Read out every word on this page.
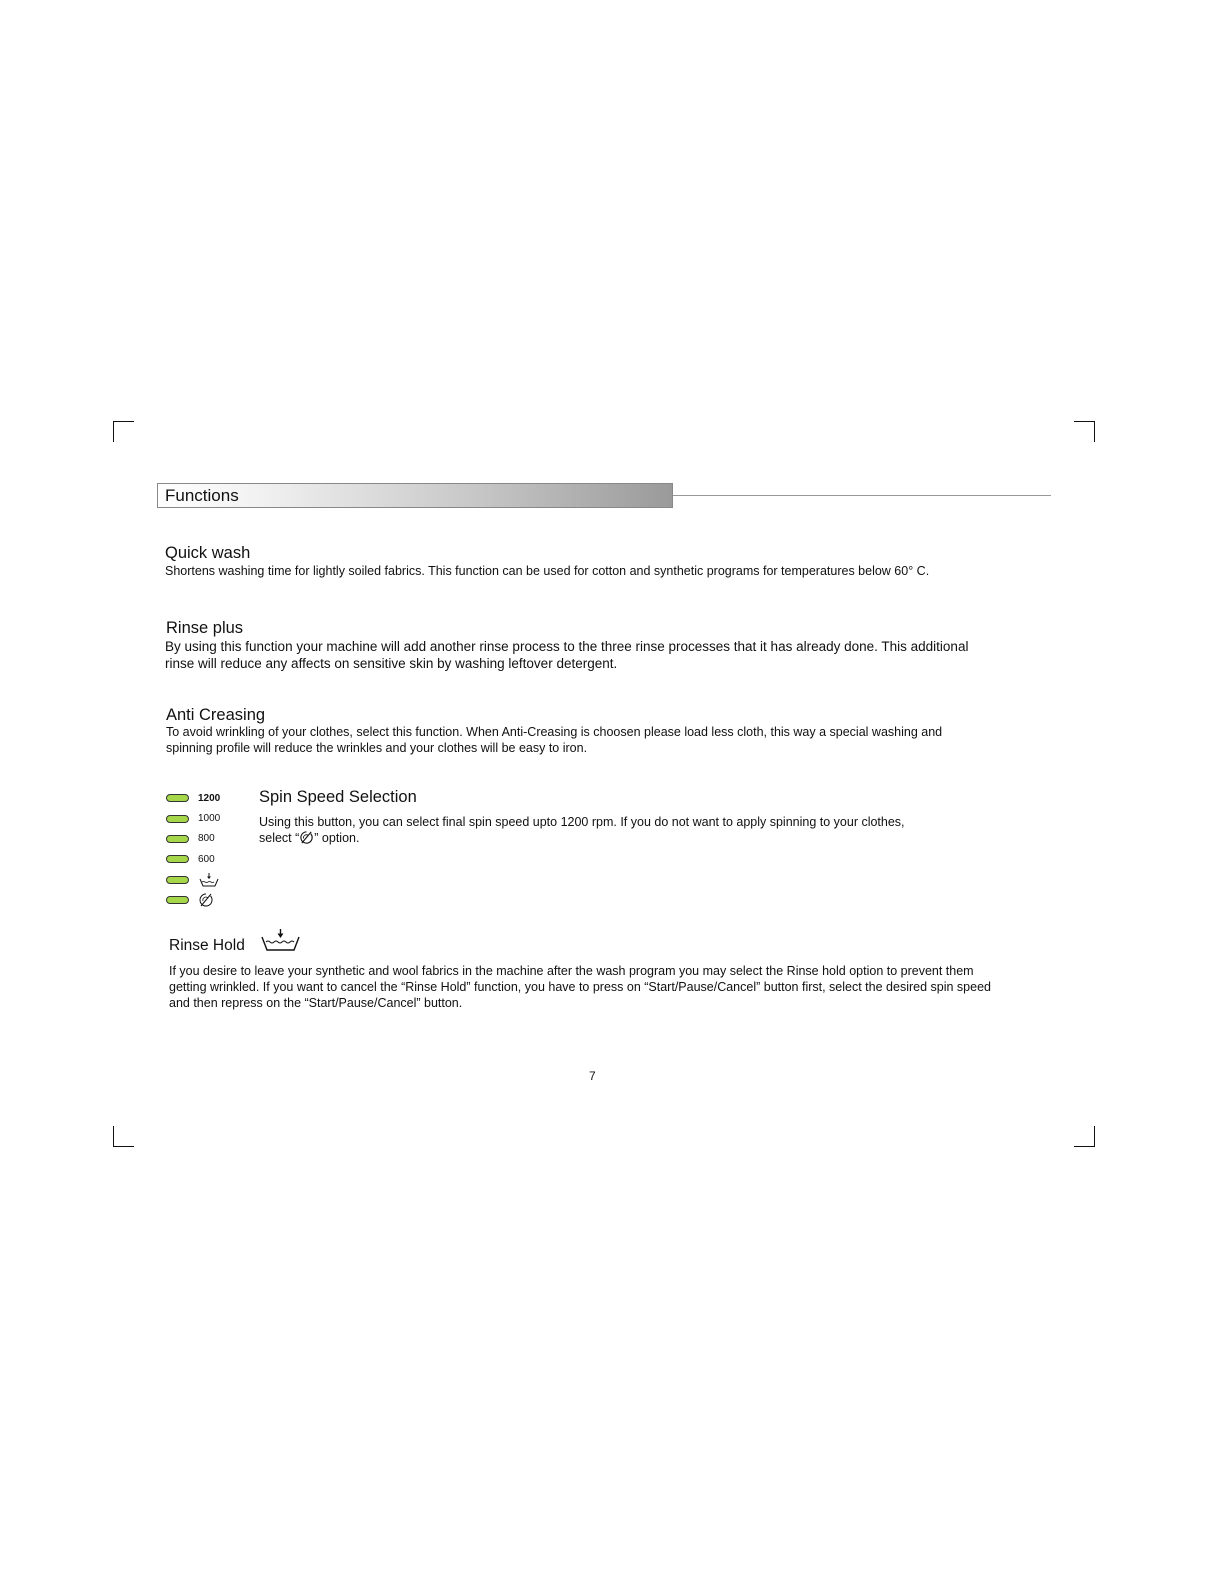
Functions
Quick wash
Shortens washing time for lightly soiled fabrics. This function can be used for cotton and synthetic programs for temperatures below 60° C.
Rinse plus
By using this function your machine will add another rinse process to the three rinse processes that it has already done. This additional rinse will reduce any affects on sensitive skin by washing leftover detergent.
Anti Creasing
To avoid wrinkling of your clothes, select this function. When Anti-Creasing is choosen please load less cloth, this way a special washing and spinning profile will reduce the wrinkles and your clothes will be easy to iron.
1200
1000
800
600
Spin Speed Selection
Using this button, you can select final spin speed upto 1200 rpm. If you do not want to apply spinning to your clothes, select “ ” option.
Rinse Hold
If you desire to leave your synthetic and wool fabrics in the machine after the wash program you may select the Rinse hold option to prevent them getting wrinkled. If you want to cancel the “Rinse Hold” function, you have to press on “Start/Pause/Cancel” button first, select the desired spin speed and then repress on the “Start/Pause/Cancel” button.
7
